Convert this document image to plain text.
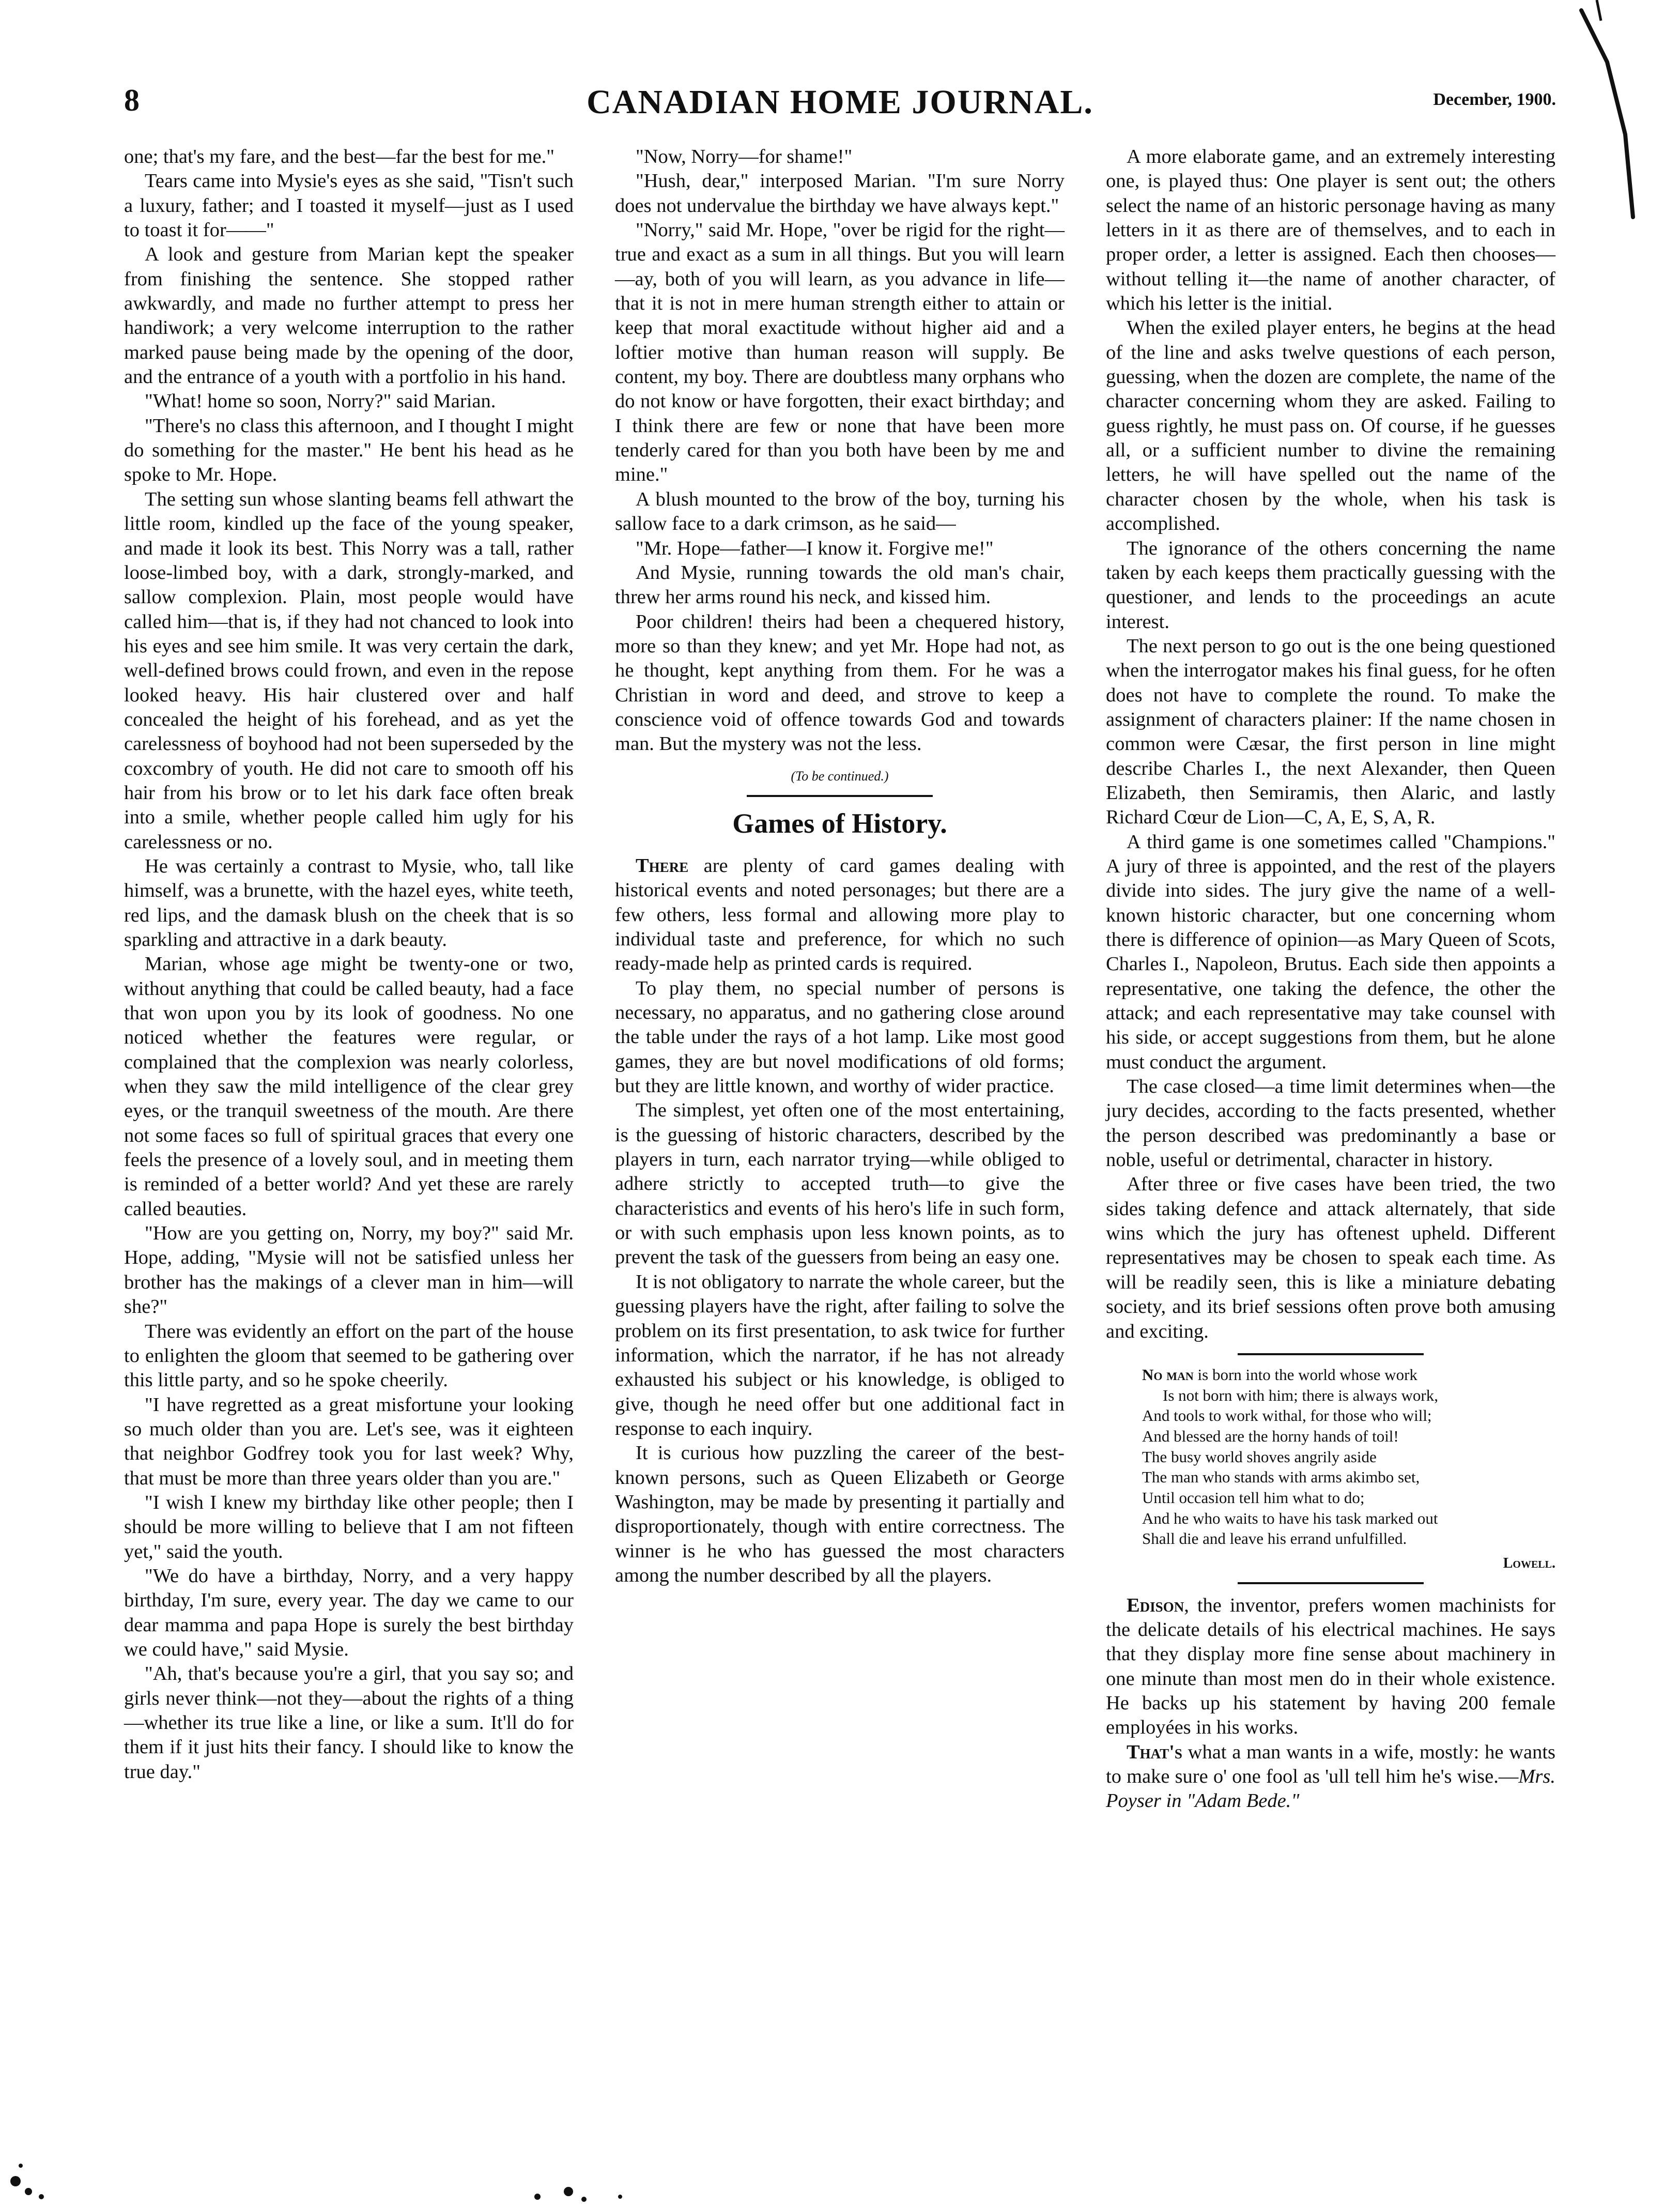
8	CANADIAN HOME JOURNAL.	December, 1900.

one; that's my fare, and the best—far the best for me."

Tears came into Mysie's eyes as she said, "Tisn't such a luxury, father; and I toasted it myself—just as I used to toast it for——"

A look and gesture from Marian kept the speaker from finishing the sentence. She stopped rather awkwardly, and made no further attempt to press her handiwork; a very welcome interruption to the rather marked pause being made by the opening of the door, and the entrance of a youth with a portfolio in his hand.

"What! home so soon, Norry?" said Marian.

"There's no class this afternoon, and I thought I might do something for the master." He bent his head as he spoke to Mr. Hope.

The setting sun whose slanting beams fell athwart the little room, kindled up the face of the young speaker, and made it look its best. This Norry was a tall, rather loose-limbed boy, with a dark, strongly-marked, and sallow complexion. Plain, most people would have called him—that is, if they had not chanced to look into his eyes and see him smile. It was very certain the dark, well-defined brows could frown, and even in the repose looked heavy. His hair clustered over and half concealed the height of his forehead, and as yet the carelessness of boyhood had not been superseded by the coxcombry of youth. He did not care to smooth off his hair from his brow or to let his dark face often break into a smile, whether people called him ugly for his carelessness or no.

He was certainly a contrast to Mysie, who, tall like himself, was a brunette, with the hazel eyes, white teeth, red lips, and the damask blush on the cheek that is so sparkling and attractive in a dark beauty.

Marian, whose age might be twenty-one or two, without anything that could be called beauty, had a face that won upon you by its look of goodness. No one noticed whether the features were regular, or complained that the complexion was nearly colorless, when they saw the mild intelligence of the clear grey eyes, or the tranquil sweetness of the mouth. Are there not some faces so full of spiritual graces that every one feels the presence of a lovely soul, and in meeting them is reminded of a better world? And yet these are rarely called beauties.

"How are you getting on, Norry, my boy?" said Mr. Hope, adding, "Mysie will not be satisfied unless her brother has the makings of a clever man in him—will she?"

There was evidently an effort on the part of the house to enlighten the gloom that seemed to be gathering over this little party, and so he spoke cheerily.

"I have regretted as a great misfortune your looking so much older than you are. Let's see, was it eighteen that neighbor Godfrey took you for last week? Why, that must be more than three years older than you are."

"I wish I knew my birthday like other people; then I should be more willing to believe that I am not fifteen yet," said the youth.

"We do have a birthday, Norry, and a very happy birthday, I'm sure, every year. The day we came to our dear mamma and papa Hope is surely the best birthday we could have," said Mysie.

"Ah, that's because you're a girl, that you say so; and girls never think—not they—about the rights of a thing—whether its true like a line, or like a sum. It'll do for them if it just hits their fancy. I should like to know the true day."

"Now, Norry—for shame!"

"Hush, dear," interposed Marian. "I'm sure Norry does not undervalue the birthday we have always kept."

"Norry," said Mr. Hope, "over be rigid for the right—true and exact as a sum in all things. But you will learn—ay, both of you will learn, as you advance in life—that it is not in mere human strength either to attain or keep that moral exactitude without higher aid and a loftier motive than human reason will supply. Be content, my boy. There are doubtless many orphans who do not know or have forgotten, their exact birthday; and I think there are few or none that have been more tenderly cared for than you both have been by me and mine."

A blush mounted to the brow of the boy, turning his sallow face to a dark crimson, as he said—

"Mr. Hope—father—I know it. Forgive me!"

And Mysie, running towards the old man's chair, threw her arms round his neck, and kissed him.

Poor children! theirs had been a chequered history, more so than they knew; and yet Mr. Hope had not, as he thought, kept anything from them. For he was a Christian in word and deed, and strove to keep a conscience void of offence towards God and towards man. But the mystery was not the less.

(To be continued.)
Games of History.

There are plenty of card games dealing with historical events and noted personages; but there are a few others, less formal and allowing more play to individual taste and preference, for which no such ready-made help as printed cards is required.

To play them, no special number of persons is necessary, no apparatus, and no gathering close around the table under the rays of a hot lamp. Like most good games, they are but novel modifications of old forms; but they are little known, and worthy of wider practice.

The simplest, yet often one of the most entertaining, is the guessing of historic characters, described by the players in turn, each narrator trying—while obliged to adhere strictly to accepted truth—to give the characteristics and events of his hero's life in such form, or with such emphasis upon less known points, as to prevent the task of the guessers from being an easy one.

It is not obligatory to narrate the whole career, but the guessing players have the right, after failing to solve the problem on its first presentation, to ask twice for further information, which the narrator, if he has not already exhausted his subject or his knowledge, is obliged to give, though he need offer but one additional fact in response to each inquiry.

It is curious how puzzling the career of the best-known persons, such as Queen Elizabeth or George Washington, may be made by presenting it partially and disproportionately, though with entire correctness. The winner is he who has guessed the most characters among the number described by all the players.

A more elaborate game, and an extremely interesting one, is played thus: One player is sent out; the others select the name of an historic personage having as many letters in it as there are of themselves, and to each in proper order, a letter is assigned. Each then chooses—without telling it—the name of another character, of which his letter is the initial.

When the exiled player enters, he begins at the head of the line and asks twelve questions of each person, guessing, when the dozen are complete, the name of the character concerning whom they are asked. Failing to guess rightly, he must pass on. Of course, if he guesses all, or a sufficient number to divine the remaining letters, he will have spelled out the name of the character chosen by the whole, when his task is accomplished.

The ignorance of the others concerning the name taken by each keeps them practically guessing with the questioner, and lends to the proceedings an acute interest.

The next person to go out is the one being questioned when the interrogator makes his final guess, for he often does not have to complete the round. To make the assignment of characters plainer: If the name chosen in common were Cæsar, the first person in line might describe Charles I., the next Alexander, then Queen Elizabeth, then Semiramis, then Alaric, and lastly Richard Cœur de Lion—C, A, E, S, A, R.

A third game is one sometimes called "Champions." A jury of three is appointed, and the rest of the players divide into sides. The jury give the name of a well-known historic character, but one concerning whom there is difference of opinion—as Mary Queen of Scots, Charles I., Napoleon, Brutus. Each side then appoints a representative, one taking the defence, the other the attack; and each representative may take counsel with his side, or accept suggestions from them, but he alone must conduct the argument.

The case closed—a time limit determines when—the jury decides, according to the facts presented, whether the person described was predominantly a base or noble, useful or detrimental, character in history.

After three or five cases have been tried, the two sides taking defence and attack alternately, that side wins which the jury has oftenest upheld. Different representatives may be chosen to speak each time. As will be readily seen, this is like a miniature debating society, and its brief sessions often prove both amusing and exciting.

No man is born into the world whose work
Is not born with him; there is always work,
And tools to work withal, for those who will;
And blessed are the horny hands of toil!
The busy world shoves angrily aside
The man who stands with arms akimbo set,
Until occasion tell him what to do;
And he who waits to have his task marked out
Shall die and leave his errand unfulfilled.
Lowell.

Edison, the inventor, prefers women machinists for the delicate details of his electrical machines. He says that they display more fine sense about machinery in one minute than most men do in their whole existence. He backs up his statement by having 200 female employées in his works.

That's what a man wants in a wife, mostly: he wants to make sure o' one fool as 'ull tell him he's wise.—Mrs. Poyser in "Adam Bede."
